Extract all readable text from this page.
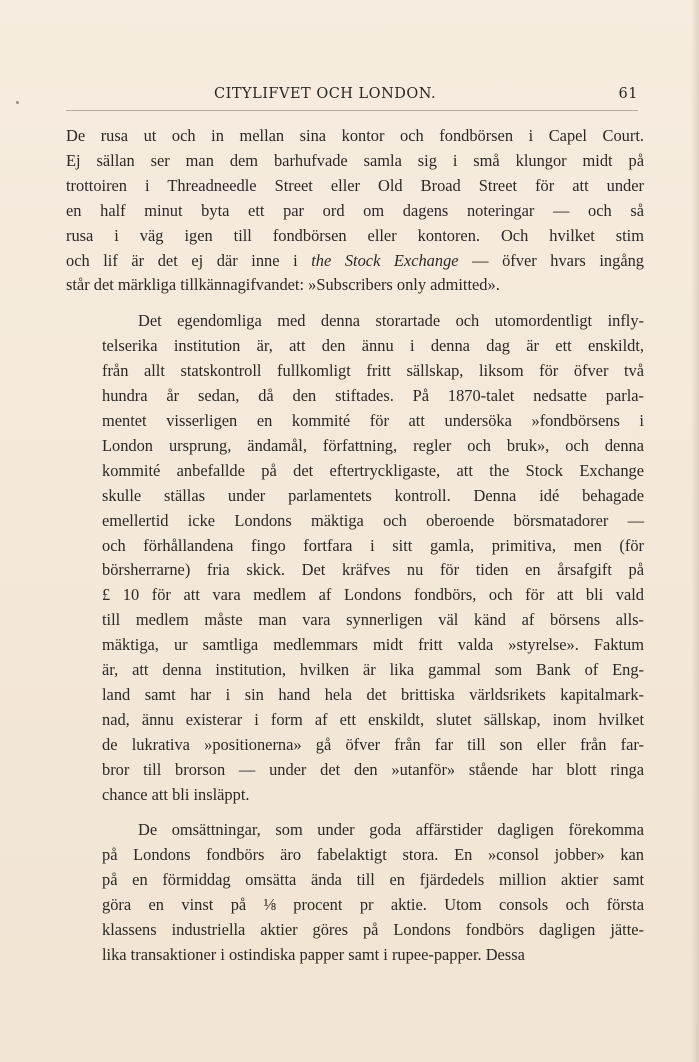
CITYLIFVET OCH LONDON.	61

De rusa ut och in mellan sina kontor och fondbörsen i Capel Court.
Ej sällan ser man dem barhufvade samla sig i små klungor midt på
trottoiren i Threadneedle Street eller Old Broad Street för att under
en half minut byta ett par ord om dagens noteringar — och så
rusa i väg igen till fondbörsen eller kontoren. Och hvilket stim
och lif är det ej där inne i the Stock Exchange — öfver hvars ingång
står det märkliga tillkännagifvandet: »Subscribers only admitted».

Det egendomliga med denna storartade och utomordentligt infly-
telserika institution är, att den ännu i denna dag är ett enskildt,
från allt statskontroll fullkomligt fritt sällskap, liksom för öfver två
hundra år sedan, då den stiftades. På 1870-talet nedsatte parla-
mentet visserligen en kommité för att undersöka »fondbörsens i
London ursprung, ändamål, författning, regler och bruk», och denna
kommité anbefallde på det eftertryckligaste, att the Stock Exchange
skulle ställas under parlamentets kontroll. Denna idé behagade
emellertid icke Londons mäktiga och oberoende börsmatadorer —
och förhållandena fingo fortfara i sitt gamla, primitiva, men (för
börsherrarne) fria skick. Det kräfves nu för tiden en årsafgift på
£ 10 för att vara medlem af Londons fondbörs, och för att bli vald
till medlem måste man vara synnerligen väl känd af börsens alls-
mäktiga, ur samtliga medlemmars midt fritt valda »styrelse». Faktum
är, att denna institution, hvilken är lika gammal som Bank of Eng-
land samt har i sin hand hela det brittiska världsrikets kapitalmark-
nad, ännu existerar i form af ett enskildt, slutet sällskap, inom hvilket
de lukrativa »positionerna» gå öfver från far till son eller från far-
bror till brorson — under det den »utanför» stående har blott ringa
chance att bli insläppt.

De omsättningar, som under goda affärstider dagligen förekomma
på Londons fondbörs äro fabelaktigt stora. En »consol jobber» kan
på en förmiddag omsätta ända till en fjärdedels million aktier samt
göra en vinst på ⅛ procent pr aktie. Utom consols och första
klassens industriella aktier göres på Londons fondbörs dagligen jätte-
lika transaktioner i ostindiska papper samt i rupee-papper. Dessa
